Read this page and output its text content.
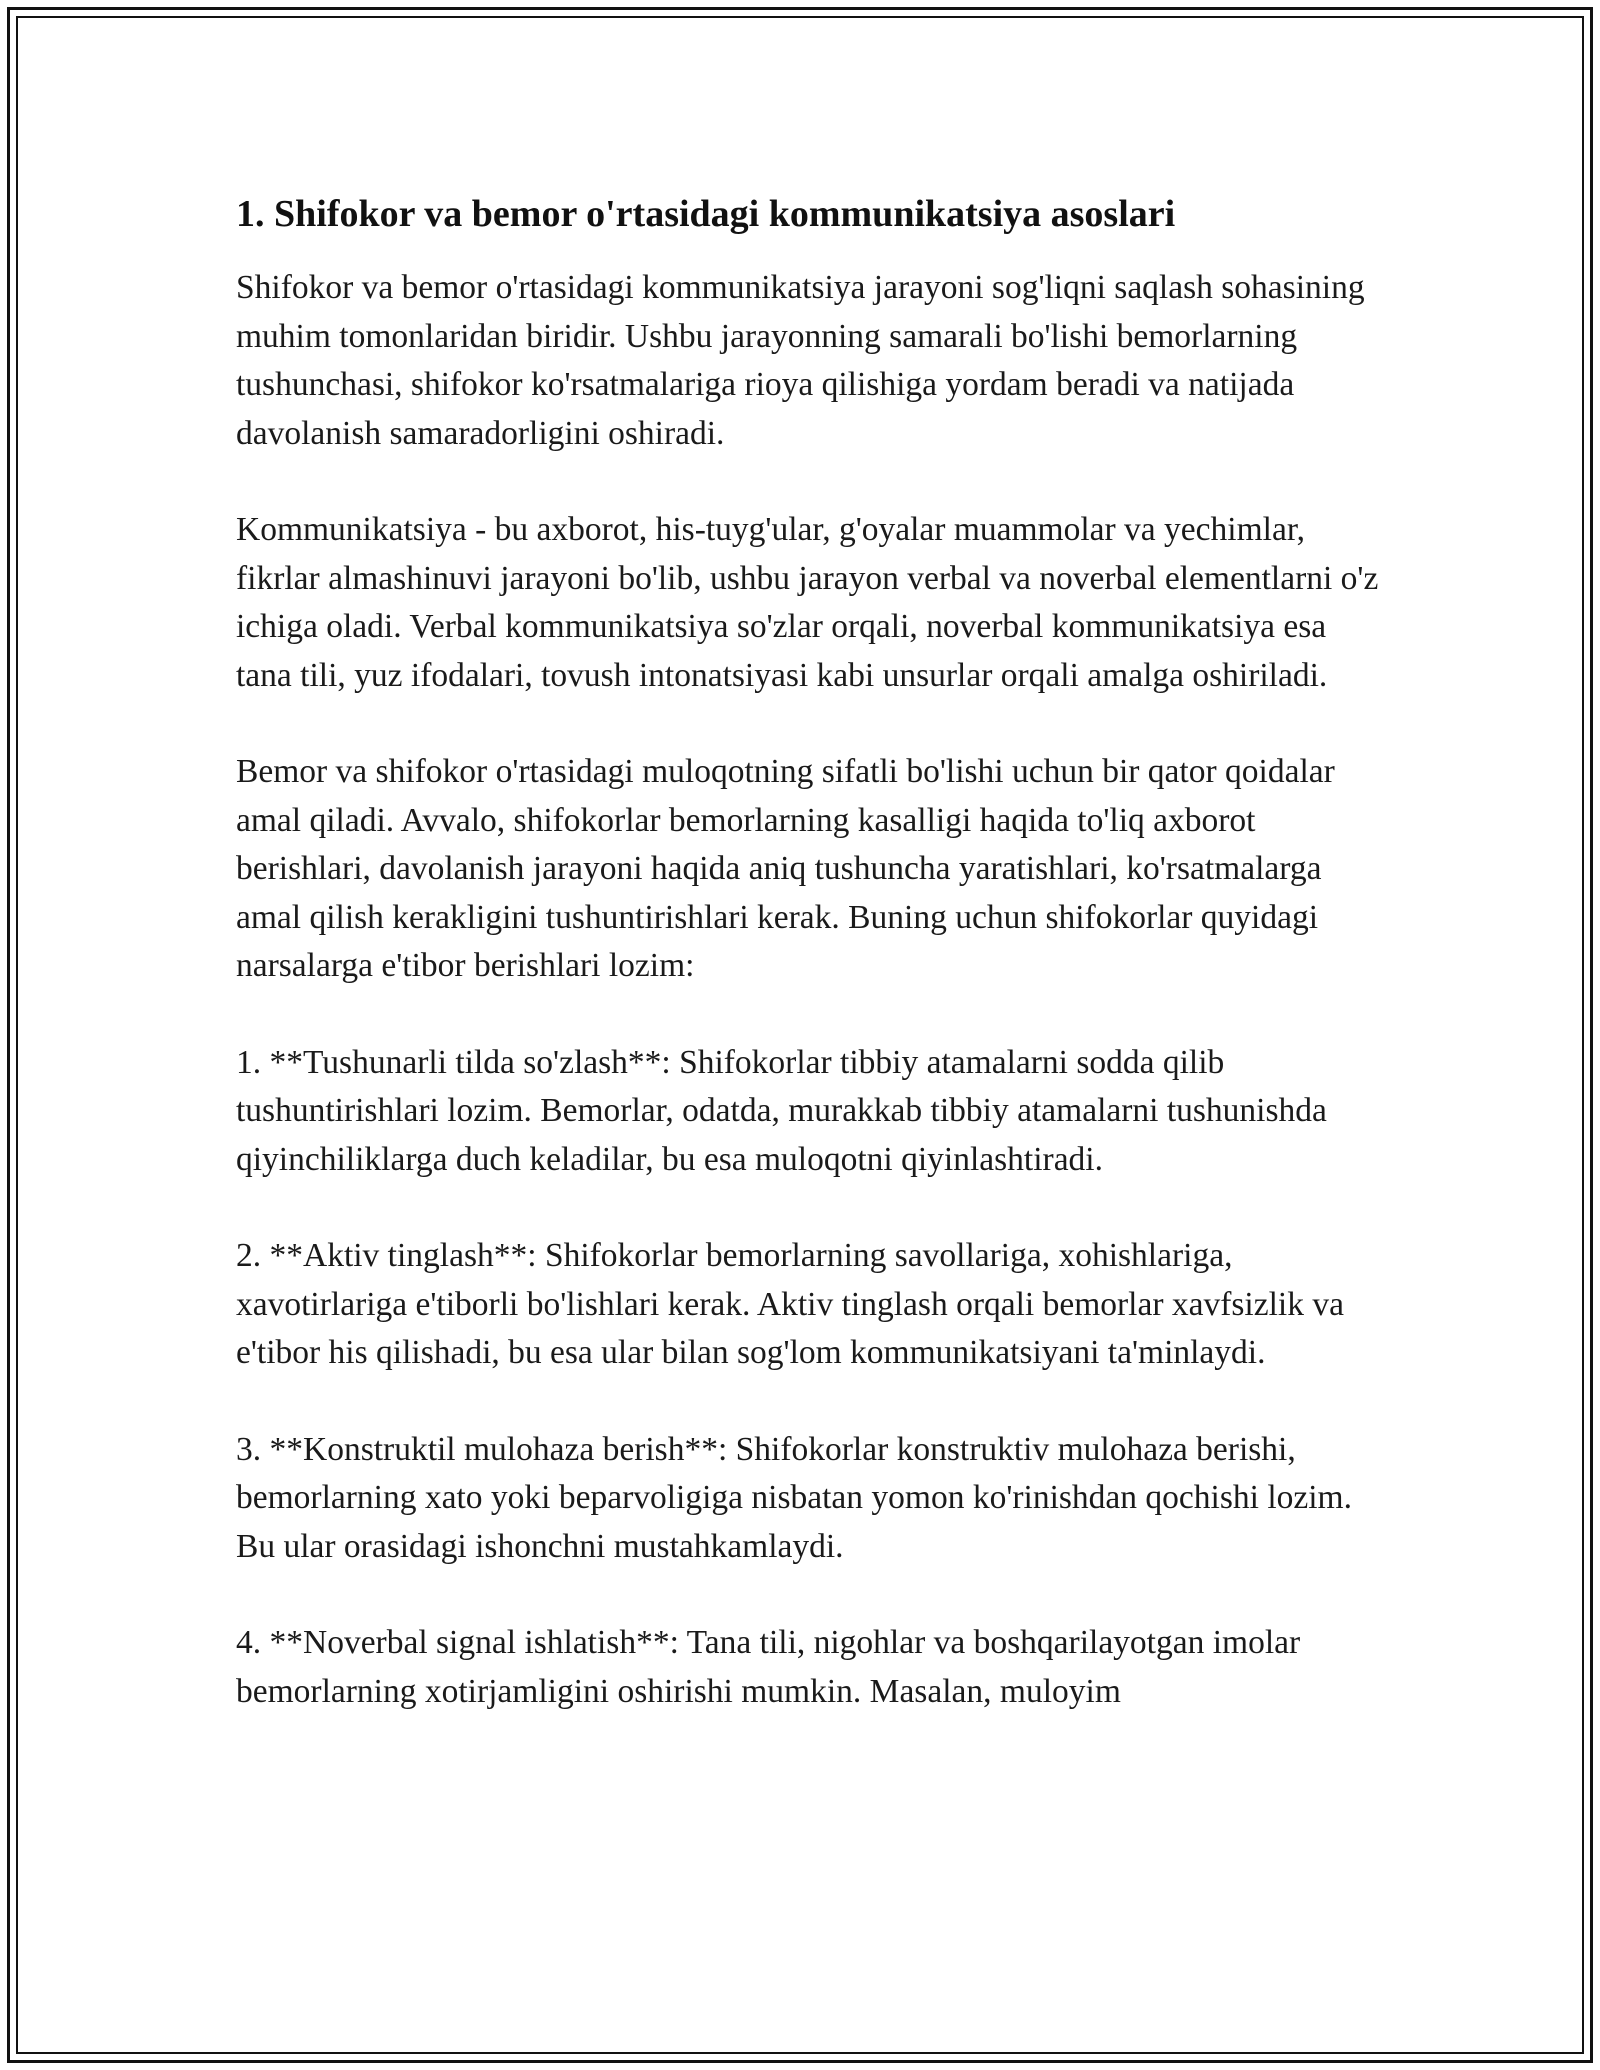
1. Shifokor va bemor o'rtasidagi kommunikatsiya asoslari

Shifokor va bemor o'rtasidagi kommunikatsiya jarayoni sog'liqni saqlash sohasining muhim tomonlaridan biridir. Ushbu jarayonning samarali bo'lishi bemorlarning tushunchasi, shifokor ko'rsatmalariga rioya qilishiga yordam beradi va natijada davolanish samaradorligini oshiradi.

Kommunikatsiya - bu axborot, his-tuyg'ular, g'oyalar muammolar va yechimlar, fikrlar almashinuvi jarayoni bo'lib, ushbu jarayon verbal va noverbal elementlarni o'z ichiga oladi. Verbal kommunikatsiya so'zlar orqali, noverbal kommunikatsiya esa tana tili, yuz ifodalari, tovush intonatsiyasi kabi unsurlar orqali amalga oshiriladi.

Bemor va shifokor o'rtasidagi muloqotning sifatli bo'lishi uchun bir qator qoidalar amal qiladi. Avvalo, shifokorlar bemorlarning kasalligi haqida to'liq axborot berishlari, davolanish jarayoni haqida aniq tushuncha yaratishlari, ko'rsatmalarga amal qilish kerakligini tushuntirishlari kerak. Buning uchun shifokorlar quyidagi narsalarga e'tibor berishlari lozim:

1. **Tushunarli tilda so'zlash**: Shifokorlar tibbiy atamalarni sodda qilib tushuntirishlari lozim. Bemorlar, odatda, murakkab tibbiy atamalarni tushunishda qiyinchiliklarga duch keladilar, bu esa muloqotni qiyinlashtiradi.

2. **Aktiv tinglash**: Shifokorlar bemorlarning savollariga, xohishlariga, xavotirlariga e'tiborli bo'lishlari kerak. Aktiv tinglash orqali bemorlar xavfsizlik va e'tibor his qilishadi, bu esa ular bilan sog'lom kommunikatsiyani ta'minlaydi.

3. **Konstruktil mulohaza berish**: Shifokorlar konstruktiv mulohaza berishi, bemorlarning xato yoki beparvoligiga nisbatan yomon ko'rinishdan qochishi lozim. Bu ular orasidagi ishonchni mustahkamlaydi.

4. **Noverbal signal ishlatish**: Tana tili, nigohlar va boshqarilayotgan imolar bemorlarning xotirjamligini oshirishi mumkin. Masalan, muloyim
